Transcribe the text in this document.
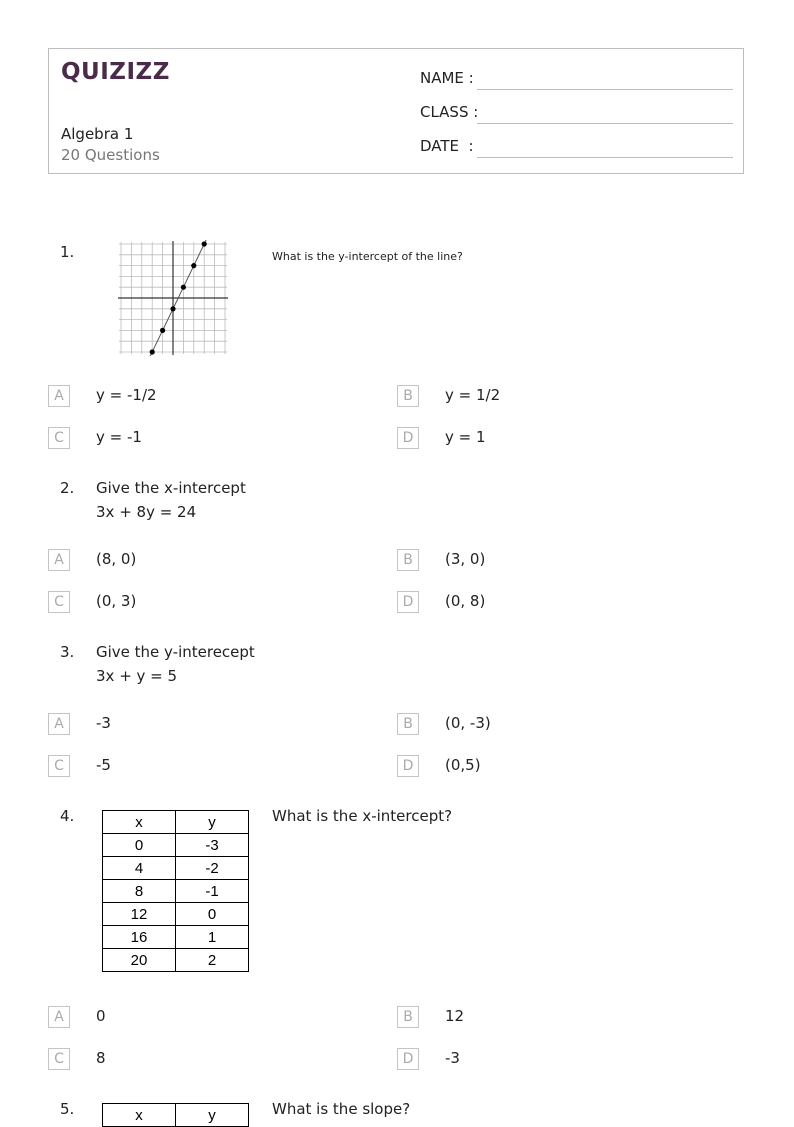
QUIZIZZ
Algebra 1
20 Questions
NAME :
CLASS :
DATE  :
1.	What is the y-intercept of the line?
A	y = -1/2	B	y = 1/2
C	y = -1	D	y = 1
2. Give the x-intercept
3x + 8y = 24
A	(8, 0)	B	(3, 0)
C	(0, 3)	D	(0, 8)
3. Give the y-interecept
3x + y = 5
A	-3	B	(0, -3)
C	-5	D	(0,5)
4.	x	y
0	-3
4	-2
8	-1
12	0
16	1
20	2
What is the x-intercept?
A	0	B	12
C	8	D	-3
5.	x	y	What is the slope?
